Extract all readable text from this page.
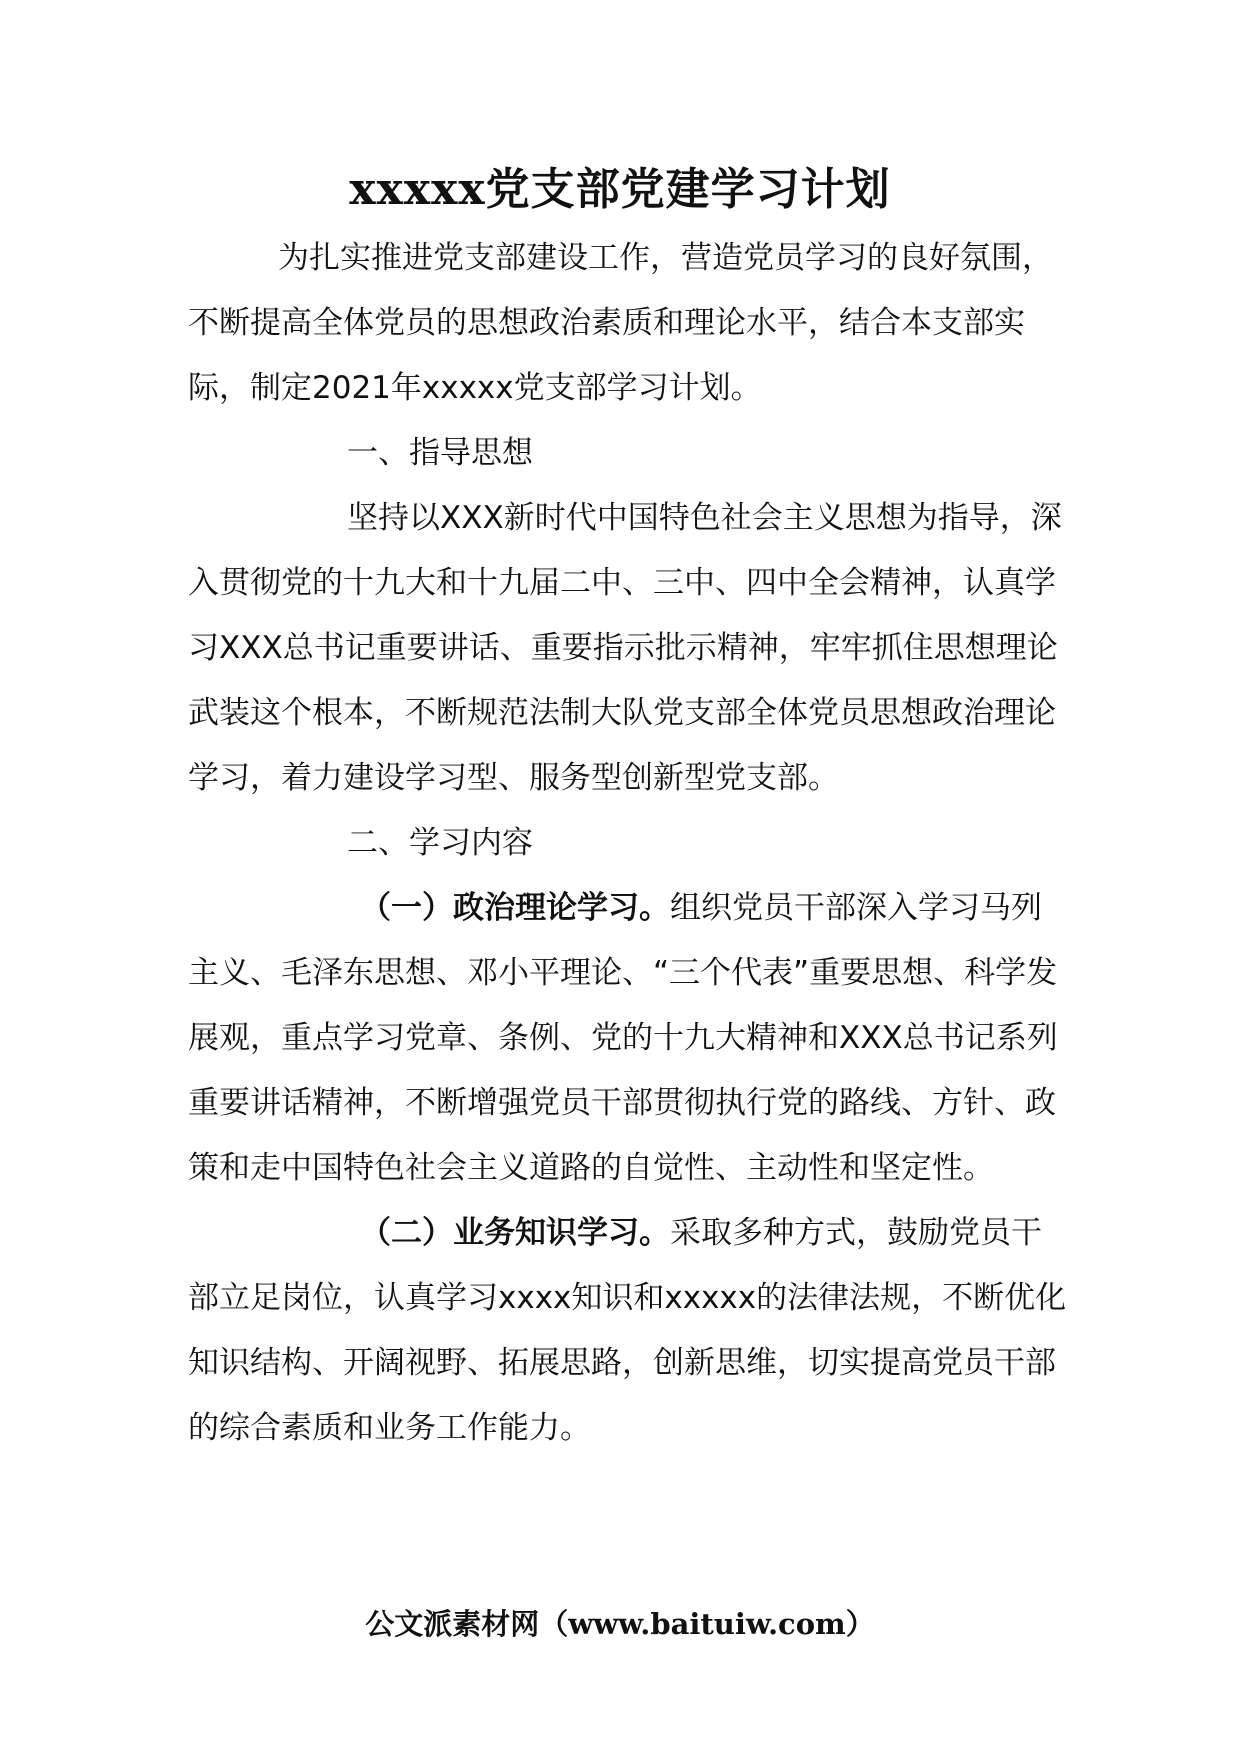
xxxxx党支部党建学习计划

为扎实推进党支部建设工作，营造党员学习的良好氛围，不断提高全体党员的思想政治素质和理论水平，结合本支部实际，制定2021年xxxxx党支部学习计划。

一、指导思想

坚持以XXX新时代中国特色社会主义思想为指导，深入贯彻党的十九大和十九届二中、三中、四中全会精神，认真学习XXX总书记重要讲话、重要指示批示精神，牢牢抓住思想理论武装这个根本，不断规范法制大队党支部全体党员思想政治理论学习，着力建设学习型、服务型创新型党支部。

二、学习内容

（一）政治理论学习。组织党员干部深入学习马列主义、毛泽东思想、邓小平理论、“三个代表”重要思想、科学发展观，重点学习党章、条例、党的十九大精神和XXX总书记系列重要讲话精神，不断增强党员干部贯彻执行党的路线、方针、政策和走中国特色社会主义道路的自觉性、主动性和坚定性。

（二）业务知识学习。采取多种方式，鼓励党员干部立足岗位，认真学习xxxx知识和xxxxx的法律法规，不断优化知识结构、开阔视野、拓展思路，创新思维，切实提高党员干部的综合素质和业务工作能力。

公文派素材网（www.baituiw.com）
